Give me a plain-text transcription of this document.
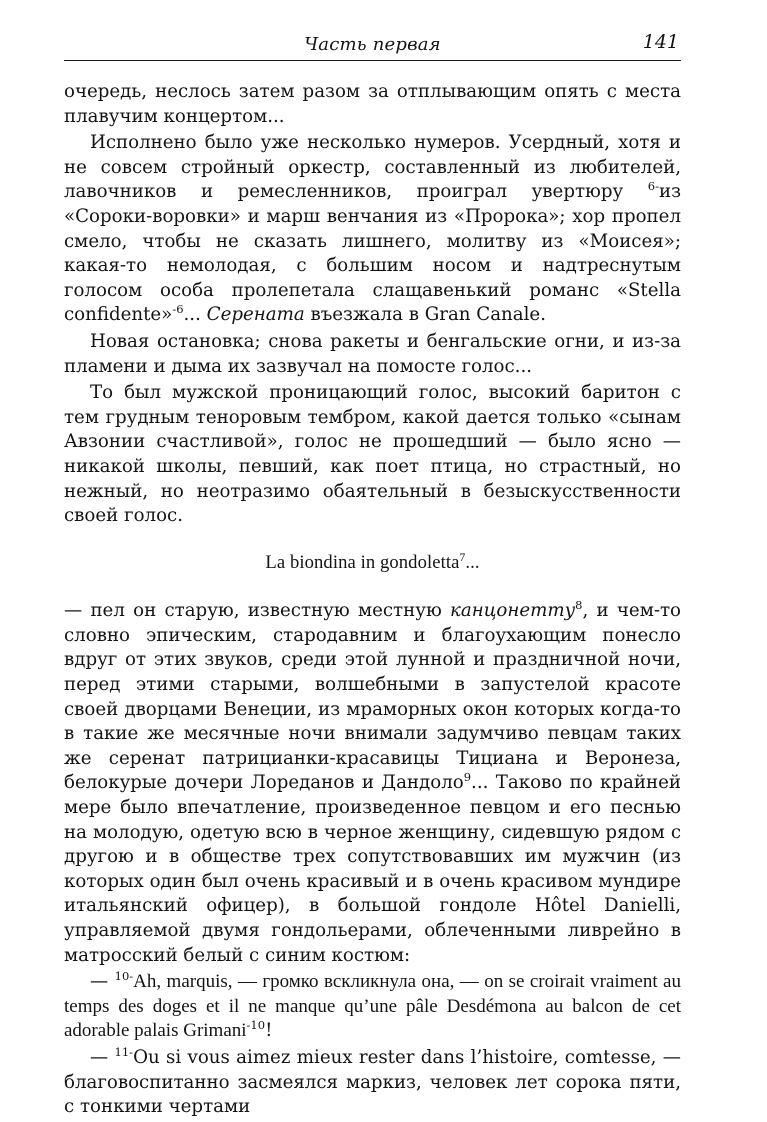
Часть первая	141

очередь, неслось затем разом за отплывающим опять с места плавучим концертом...

Исполнено было уже несколько нумеров. Усердный, хотя и не совсем стройный оркестр, составленный из любителей, лавочников и ремесленников, проиграл увертюру $^{6-}$из «Сороки-воровки» и марш венчания из «Пророка»; хор пропел смело, чтобы не сказать лишнего, молитву из «Моисея»; какая-то немолодая, с большим носом и надтреснутым голосом особа пролепетала слащавенький романс «Stella confidente»$^{-6}$... Серената въезжала в Gran Canale.

Новая остановка; снова ракеты и бенгальские огни, и из-за пламени и дыма их зазвучал на помосте голос...

То был мужской проницающий голос, высокий баритон с тем грудным теноровым тембром, какой дается только «сынам Авзонии счастливой», голос не прошедший — было ясно — никакой школы, певший, как поет птица, но страстный, но нежный, но неотразимо обаятельный в безыскусственности своей голос.

La biondina in gondoletta$^7$...

— пел он старую, известную местную канцонетту$^8$, и чем-то словно эпическим, стародавним и благоухающим понесло вдруг от этих звуков, среди этой лунной и праздничной ночи, перед этими старыми, волшебными в запустелой красоте своей дворцами Венеции, из мраморных окон которых когда-то в такие же месячные ночи внимали задумчиво певцам таких же серенат патрицианки-красавицы Тициана и Веронеза, белокурые дочери Лореданов и Дандоло$^9$... Таково по крайней мере было впечатление, произведенное певцом и его песнью на молодую, одетую всю в черное женщину, сидевшую рядом с другою и в обществе трех сопутствовавших им мужчин (из которых один был очень красивый и в очень красивом мундире итальянский офицер), в большой гондоле Hôtel Danielli, управляемой двумя гондольерами, облеченными ливрейно в матросский белый с синим костюм:

— $^{10-}$Ah, marquis, — громко вскликнула она, — on se croirait vraiment au temps des doges et il ne manque qu’une pâle Desdémona au balcon de cet adorable palais Grimani$^{-10}$!

— $^{11-}$Ou si vous aimez mieux rester dans l’histoire, comtesse, — благовоспитанно засмеялся маркиз, человек лет сорока пяти, с тонкими чертами
